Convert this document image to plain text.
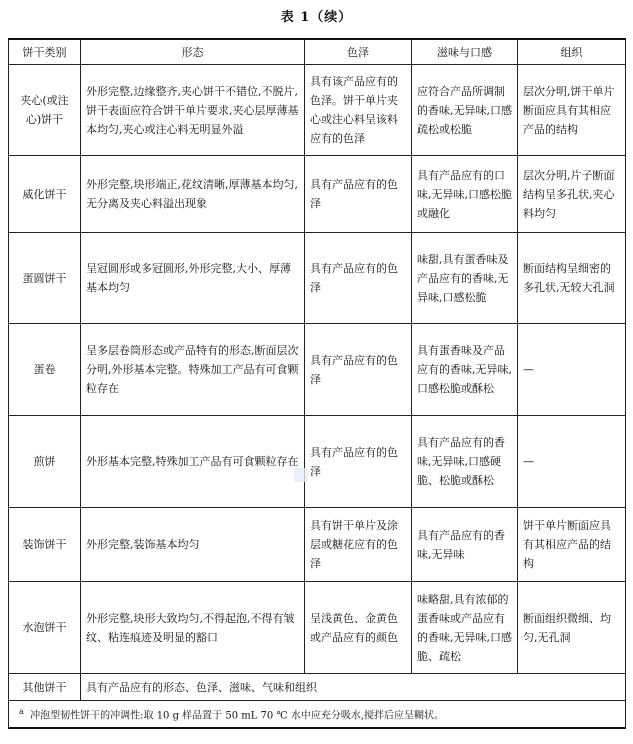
表 1（续）
饼干类别	形态	色泽	滋味与口感	组织
夹心(或注心)饼干	外形完整,边缘整齐,夹心饼干不错位,不脱片,饼干表面应符合饼干单片要求,夹心层厚薄基本均匀,夹心或注心料无明显外溢	具有该产品应有的色泽。饼干单片夹心或注心料呈该料应有的色泽	应符合产品所调制的香味,无异味,口感疏松或松脆	层次分明,饼干单片断面应具有其相应产品的结构
威化饼干	外形完整,块形端正,花纹清晰,厚薄基本均匀,无分离及夹心料溢出现象	具有产品应有的色泽	具有产品应有的口味,无异味,口感松脆或融化	层次分明,片子断面结构呈多孔状,夹心料均匀
蛋圆饼干	呈冠圆形或多冠圆形,外形完整,大小、厚薄基本均匀	具有产品应有的色泽	味甜,具有蛋香味及产品应有的香味,无异味,口感松脆	断面结构呈细密的多孔状,无较大孔洞
蛋卷	呈多层卷筒形态或产品特有的形态,断面层次分明,外形基本完整。特殊加工产品有可食颗粒存在	具有产品应有的色泽	具有蛋香味及产品应有的香味,无异味,口感松脆或酥松	—
煎饼	外形基本完整,特殊加工产品有可食颗粒存在	具有产品应有的色泽	具有产品应有的香味,无异味,口感硬脆、松脆或酥松	—
装饰饼干	外形完整,装饰基本均匀	具有饼干单片及涂层或糖花应有的色泽	具有产品应有的香味,无异味	饼干单片断面应具有其相应产品的结构
水泡饼干	外形完整,块形大致均匀,不得起泡,不得有皱纹、粘连痕迹及明显的豁口	呈浅黄色、金黄色或产品应有的颜色	味略甜,具有浓郁的蛋香味或产品应有的香味,无异味,口感脆、疏松	断面组织微细、均匀,无孔洞
其他饼干	具有产品应有的形态、色泽、滋味、气味和组织			
$^a$ 冲泡型韧性饼干的冲调性:取 10 g 样品置于 50 mL 70 ℃ 水中应充分吸水,搅拌后应呈糊状。				
